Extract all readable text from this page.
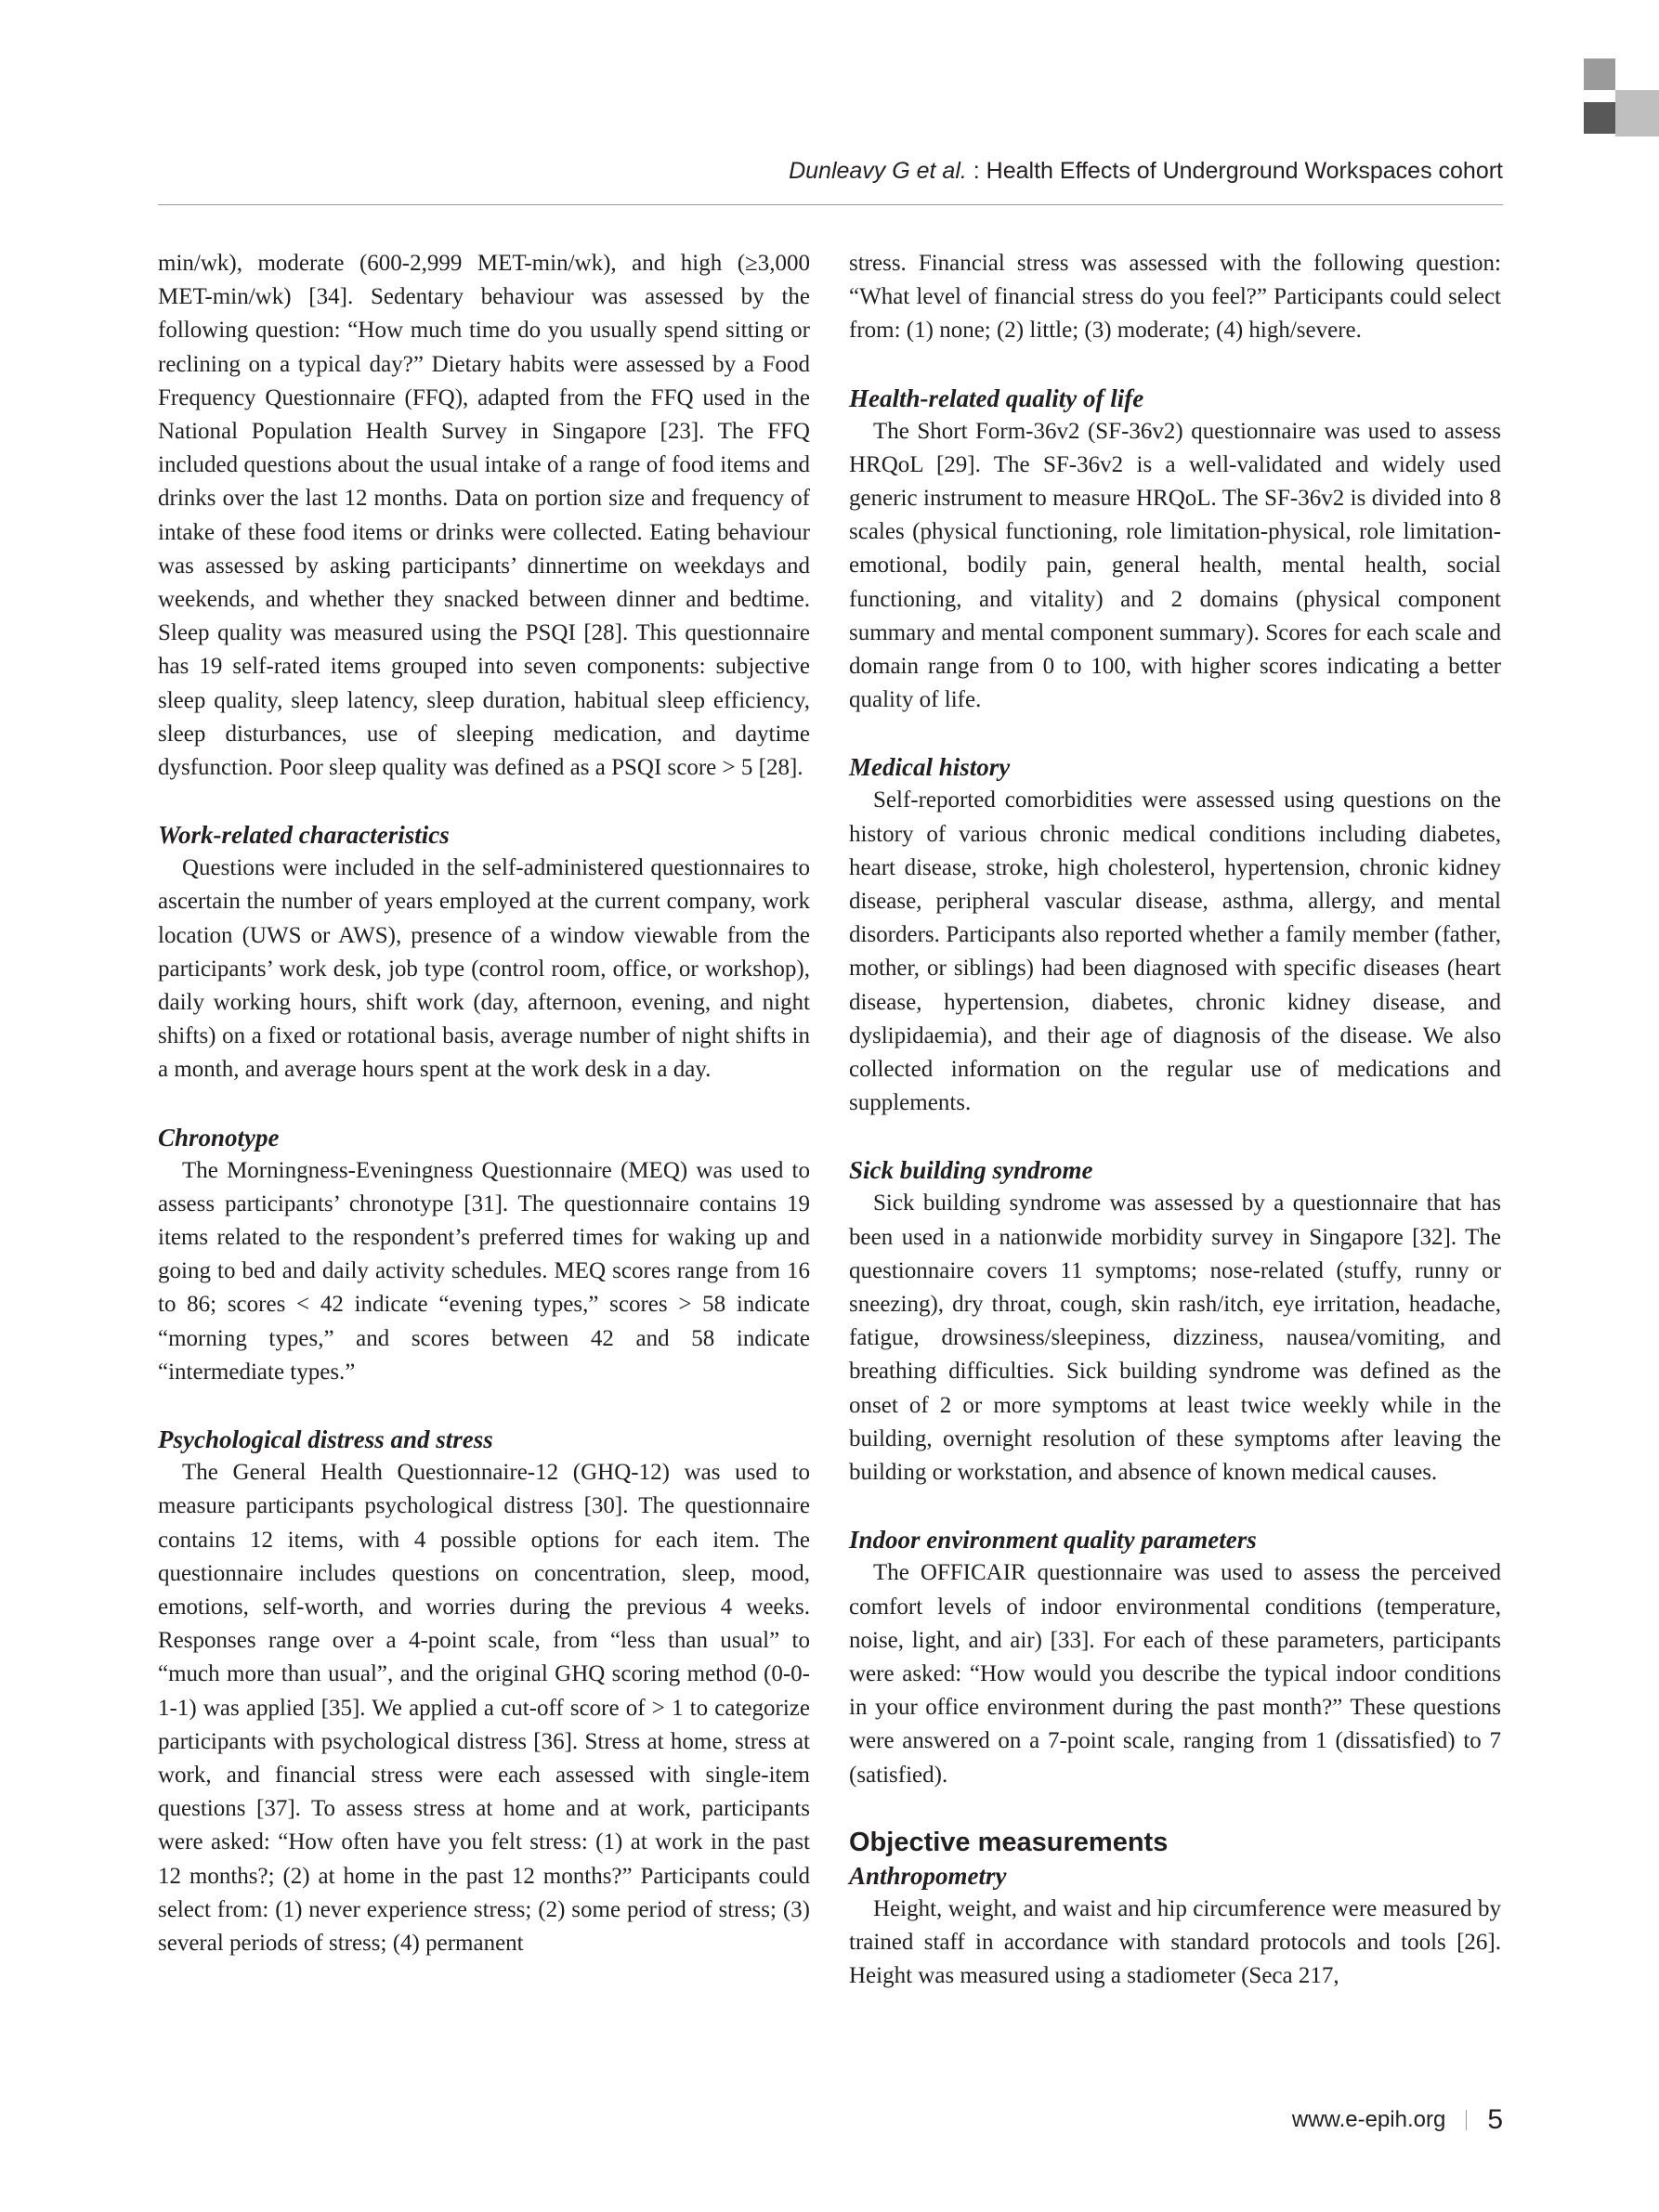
Dunleavy G et al. : Health Effects of Underground Workspaces cohort

min/wk), moderate (600-2,999 MET-min/wk), and high (≥3,000 MET-min/wk) [34]. Sedentary behaviour was assessed by the following question: “How much time do you usually spend sitting or reclining on a typical day?” Dietary habits were assessed by a Food Frequency Questionnaire (FFQ), adapted from the FFQ used in the National Population Health Survey in Singapore [23]. The FFQ included questions about the usual intake of a range of food items and drinks over the last 12 months. Data on portion size and frequency of intake of these food items or drinks were collected. Eating behaviour was assessed by asking participants’ dinnertime on weekdays and weekends, and whether they snacked between dinner and bedtime. Sleep quality was measured using the PSQI [28]. This questionnaire has 19 self-rated items grouped into seven components: subjective sleep quality, sleep latency, sleep duration, habitual sleep efficiency, sleep disturbances, use of sleeping medication, and daytime dysfunction. Poor sleep quality was defined as a PSQI score > 5 [28].

Work-related characteristics

Questions were included in the self-administered questionnaires to ascertain the number of years employed at the current company, work location (UWS or AWS), presence of a window viewable from the participants’ work desk, job type (control room, office, or workshop), daily working hours, shift work (day, afternoon, evening, and night shifts) on a fixed or rotational basis, average number of night shifts in a month, and average hours spent at the work desk in a day.

Chronotype

The Morningness-Eveningness Questionnaire (MEQ) was used to assess participants’ chronotype [31]. The questionnaire contains 19 items related to the respondent’s preferred times for waking up and going to bed and daily activity schedules. MEQ scores range from 16 to 86; scores < 42 indicate “evening types,” scores > 58 indicate “morning types,” and scores between 42 and 58 indicate “intermediate types.”

Psychological distress and stress

The General Health Questionnaire-12 (GHQ-12) was used to measure participants psychological distress [30]. The questionnaire contains 12 items, with 4 possible options for each item. The questionnaire includes questions on concentration, sleep, mood, emotions, self-worth, and worries during the previous 4 weeks. Responses range over a 4-point scale, from “less than usual” to “much more than usual”, and the original GHQ scoring method (0-0-1-1) was applied [35]. We applied a cut-off score of > 1 to categorize participants with psychological distress [36]. Stress at home, stress at work, and financial stress were each assessed with single-item questions [37]. To assess stress at home and at work, participants were asked: “How often have you felt stress: (1) at work in the past 12 months?; (2) at home in the past 12 months?” Participants could select from: (1) never experience stress; (2) some period of stress; (3) several periods of stress; (4) permanent

stress. Financial stress was assessed with the following question: “What level of financial stress do you feel?” Participants could select from: (1) none; (2) little; (3) moderate; (4) high/severe.

Health-related quality of life

The Short Form-36v2 (SF-36v2) questionnaire was used to assess HRQoL [29]. The SF-36v2 is a well-validated and widely used generic instrument to measure HRQoL. The SF-36v2 is divided into 8 scales (physical functioning, role limitation-physical, role limitation-emotional, bodily pain, general health, mental health, social functioning, and vitality) and 2 domains (physical component summary and mental component summary). Scores for each scale and domain range from 0 to 100, with higher scores indicating a better quality of life.

Medical history

Self-reported comorbidities were assessed using questions on the history of various chronic medical conditions including diabetes, heart disease, stroke, high cholesterol, hypertension, chronic kidney disease, peripheral vascular disease, asthma, allergy, and mental disorders. Participants also reported whether a family member (father, mother, or siblings) had been diagnosed with specific diseases (heart disease, hypertension, diabetes, chronic kidney disease, and dyslipidaemia), and their age of diagnosis of the disease. We also collected information on the regular use of medications and supplements.

Sick building syndrome

Sick building syndrome was assessed by a questionnaire that has been used in a nationwide morbidity survey in Singapore [32]. The questionnaire covers 11 symptoms; nose-related (stuffy, runny or sneezing), dry throat, cough, skin rash/itch, eye irritation, headache, fatigue, drowsiness/sleepiness, dizziness, nausea/vomiting, and breathing difficulties. Sick building syndrome was defined as the onset of 2 or more symptoms at least twice weekly while in the building, overnight resolution of these symptoms after leaving the building or workstation, and absence of known medical causes.

Indoor environment quality parameters

The OFFICAIR questionnaire was used to assess the perceived comfort levels of indoor environmental conditions (temperature, noise, light, and air) [33]. For each of these parameters, participants were asked: “How would you describe the typical indoor conditions in your office environment during the past month?” These questions were answered on a 7-point scale, ranging from 1 (dissatisfied) to 7 (satisfied).

Objective measurements
Anthropometry

Height, weight, and waist and hip circumference were measured by trained staff in accordance with standard protocols and tools [26]. Height was measured using a stadiometer (Seca 217,

www.e-epih.org 5
